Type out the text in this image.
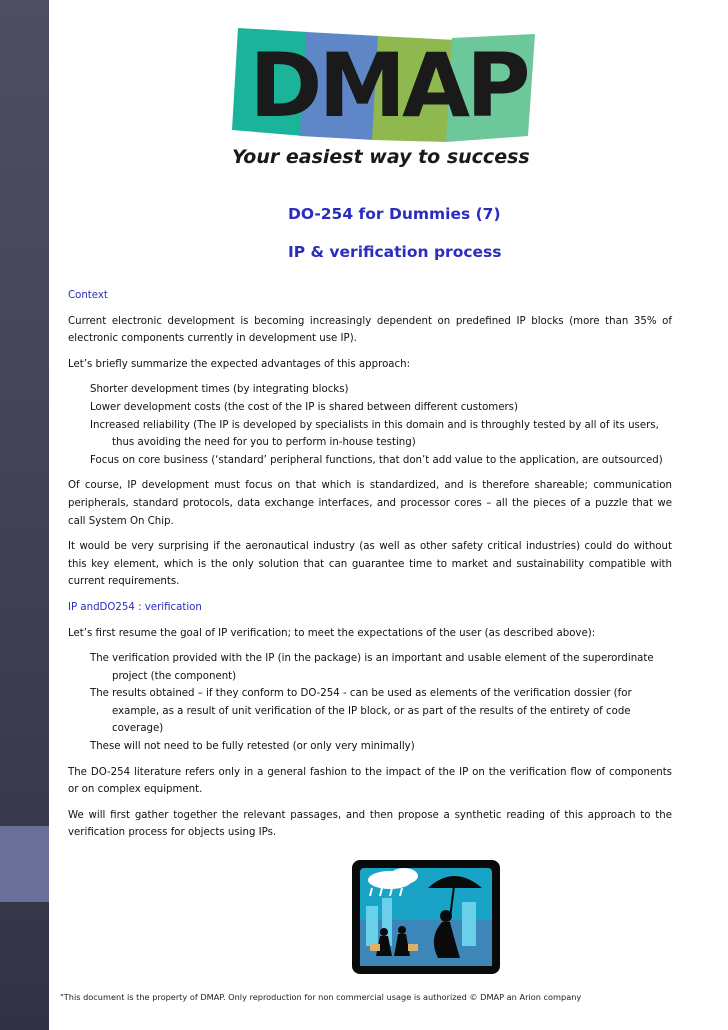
DMAP
Your easiest way to success
DO-254 for Dummies (7)
IP & verification process
Context

Current electronic development is becoming increasingly dependent on predefined IP blocks (more than 35% of electronic components currently in development use IP).

Let’s briefly summarize the expected advantages of this approach:

Shorter development times (by integrating blocks)
Lower development costs (the cost of the IP is shared between different customers)
Increased reliability (The IP is developed by specialists in this domain and is throughly tested by all of its users, thus avoiding the need for you to perform in-house testing)
Focus on core business (‘standard’ peripheral functions, that don’t add value to the application, are outsourced)

Of course, IP development must focus on that which is standardized, and is therefore shareable; communication peripherals, standard protocols, data exchange interfaces, and processor cores – all the pieces of a puzzle that we call System On Chip.

It would be very surprising if the aeronautical industry (as well as other safety critical industries) could do without this key element, which is the only solution that can guarantee time to market and sustainability compatible with current requirements.

IP andDO254 : verification

Let’s first resume the goal of IP verification; to meet the expectations of the user (as described above):

The verification provided with the IP (in the package) is an important and usable element of the superordinate project (the component)
The results obtained – if they conform to DO-254 - can be used as elements of the verification dossier (for example, as a result of unit verification of the IP block, or as part of the results of the entirety of code coverage)
These will not need to be fully retested (or only very minimally)

The DO-254 literature refers only in a general fashion to the impact of the IP on the verification flow of components or on complex equipment.

We will first gather together the relevant passages, and then propose a synthetic reading of this approach to the verification process for objects using IPs.

"This document is the property of DMAP. Only reproduction for non commercial usage is authorized © DMAP an Arion company
